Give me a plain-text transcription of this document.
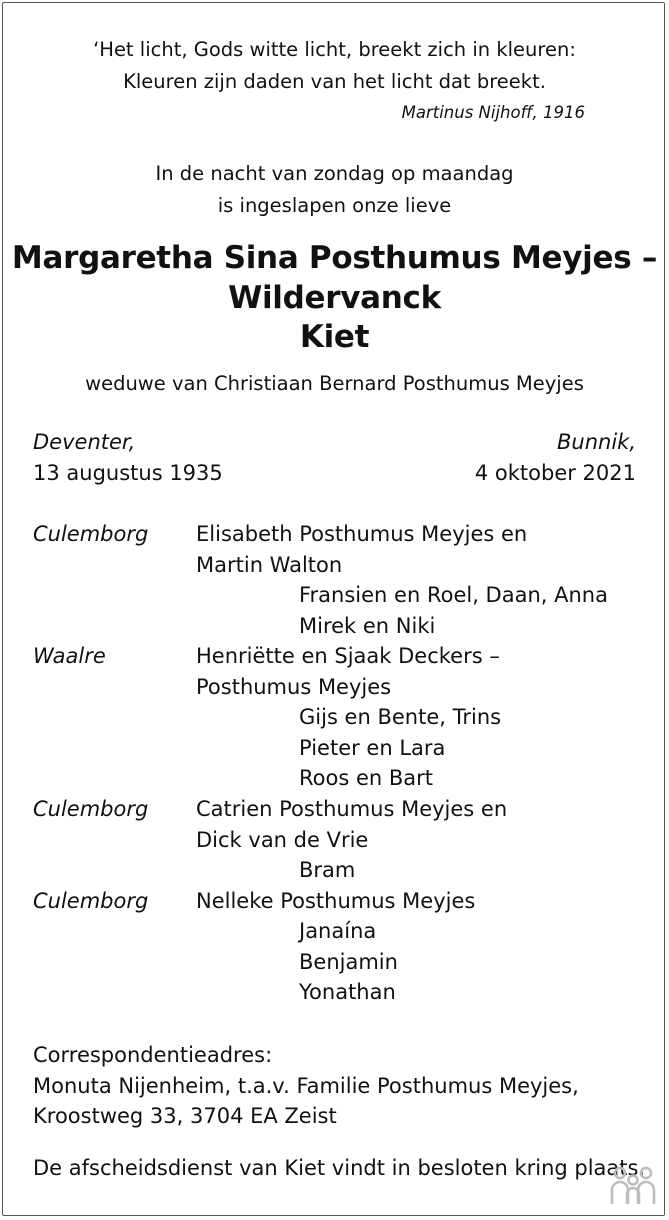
‘Het licht, Gods witte licht, breekt zich in kleuren:
Kleuren zijn daden van het licht dat breekt.
Martinus Nijhoff, 1916
In de nacht van zondag op maandag
is ingeslapen onze lieve
Margaretha Sina Posthumus Meyjes –
Wildervanck
Kiet
weduwe van Christiaan Bernard Posthumus Meyjes
Deventer,
13 augustus 1935
Bunnik,
4 oktober 2021
Culemborg Elisabeth Posthumus Meyjes en
Martin Walton
Fransien en Roel, Daan, Anna
Mirek en Niki
Waalre	Henriëtte en Sjaak Deckers –
Posthumus Meyjes
Gijs en Bente, Trins
Pieter en Lara
Roos en Bart
Culemborg Catrien Posthumus Meyjes en
Dick van de Vrie
Bram
Culemborg Nelleke Posthumus Meyjes
Janaína
Benjamin
Yonathan
Correspondentieadres:
Monuta Nijenheim, t.a.v. Familie Posthumus Meyjes,
Kroostweg 33, 3704 EA Zeist
De afscheidsdienst van Kiet vindt in besloten kring plaats.
